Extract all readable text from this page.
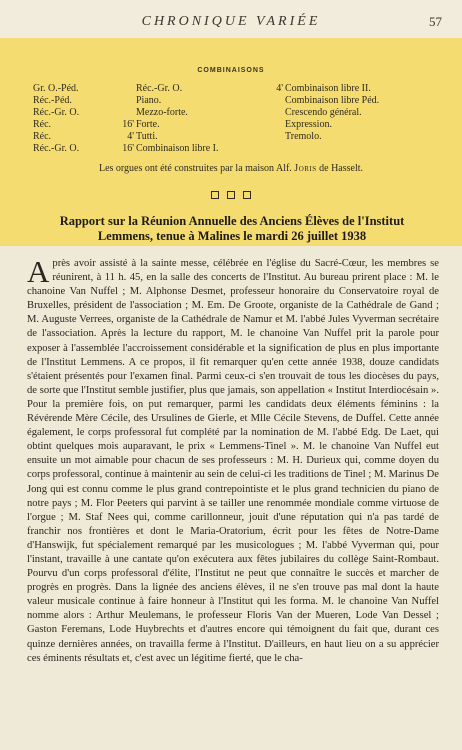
CHRONIQUE VARIÉE	57
COMBINAISONS
Gr. O.-Péd.
Réc.-Péd.
Réc.-Gr. O.
Réc.
Réc.
Réc.-Gr. O.
Réc.-Gr. O.
Piano.
Mezzo-forte.
16' Forte.
4' Tutti.
16' Combinaison libre I.
4' Combinaison libre II.
Combinaison libre Péd.
Crescendo général.
Expression.
Tremolo.
Les orgues ont été construites par la maison Alf. Joris de Hasselt.
Rapport sur la Réunion Annuelle des Anciens Élèves de l'Institut
Lemmens, tenue à Malines le mardi 26 juillet 1938
Après avoir assisté à la sainte messe, célébrée en l'église du Sacré-Cœur, les membres se réunirent, à 11 h. 45, en la salle des concerts de l'Institut. Au bureau prirent place : M. le chanoine Van Nuffel ; M. Alphonse Desmet, professeur honoraire du Conservatoire royal de Bruxelles, président de l'association ; M. Em. De Groote, organiste de la Cathédrale de Gand ; M. Auguste Verrees, organiste de la Cathédrale de Namur et M. l'abbé Jules Vyverman secrétaire de l'association. Après la lecture du rapport, M. le chanoine Van Nuffel prit la parole pour exposer à l'assemblée l'accroissement considérable et la signification de plus en plus importante de l'Institut Lemmens. A ce propos, il fit remarquer qu'en cette année 1938, douze candidats s'étaient présentés pour l'examen final. Parmi ceux-ci s'en trouvait de tous les diocèses du pays, de sorte que l'Institut semble justifier, plus que jamais, son appellation « Institut Interdiocésain ». Pour la première fois, on put remarquer, parmi les candidats deux éléments féminins : la Révérende Mère Cécile, des Ursulines de Gierle, et Mlle Cécile Stevens, de Duffel. Cette année également, le corps professoral fut complété par la nomination de M. l'abbé Edg. De Laet, qui obtint quelques mois auparavant, le prix « Lemmens-Tinel ». M. le chanoine Van Nuffel eut ensuite un mot aimable pour chacun de ses professeurs : M. H. Durieux qui, comme doyen du corps professoral, continue à maintenir au sein de celui-ci les traditions de Tinel ; M. Marinus De Jong qui est connu comme le plus grand contrepointiste et le plus grand technicien du piano de notre pays ; M. Flor Peeters qui parvint à se tailler une renommée mondiale comme virtuose de l'orgue ; M. Staf Nees qui, comme carillonneur, jouit d'une réputation qui n'a pas tardé de franchir nos frontières et dont le Maria-Oratorium, écrit pour les fêtes de Notre-Dame d'Hanswijk, fut spécialement remarqué par les musicologues ; M. l'abbé Vyverman qui, pour l'instant, travaille à une cantate qu'on exécutera aux fêtes jubilaires du collège Saint-Rombaut. Pourvu d'un corps professoral d'élite, l'Institut ne peut que connaître le succès et marcher de progrès en progrès. Dans la lignée des anciens élèves, il ne s'en trouve pas mal dont la haute valeur musicale continue à faire honneur à l'Institut qui les forma. M. le chanoine Van Nuffel nomme alors : Arthur Meulemans, le professeur Floris Van der Mueren, Lode Van Dessel ; Gaston Feremans, Lode Huybrechts et d'autres encore qui témoignent du fait que, durant ces quinze dernières années, on travailla ferme à l'Institut. D'ailleurs, en haut lieu on a su apprécier ces éminents résultats et, c'est avec un légitime fierté, que le cha-
